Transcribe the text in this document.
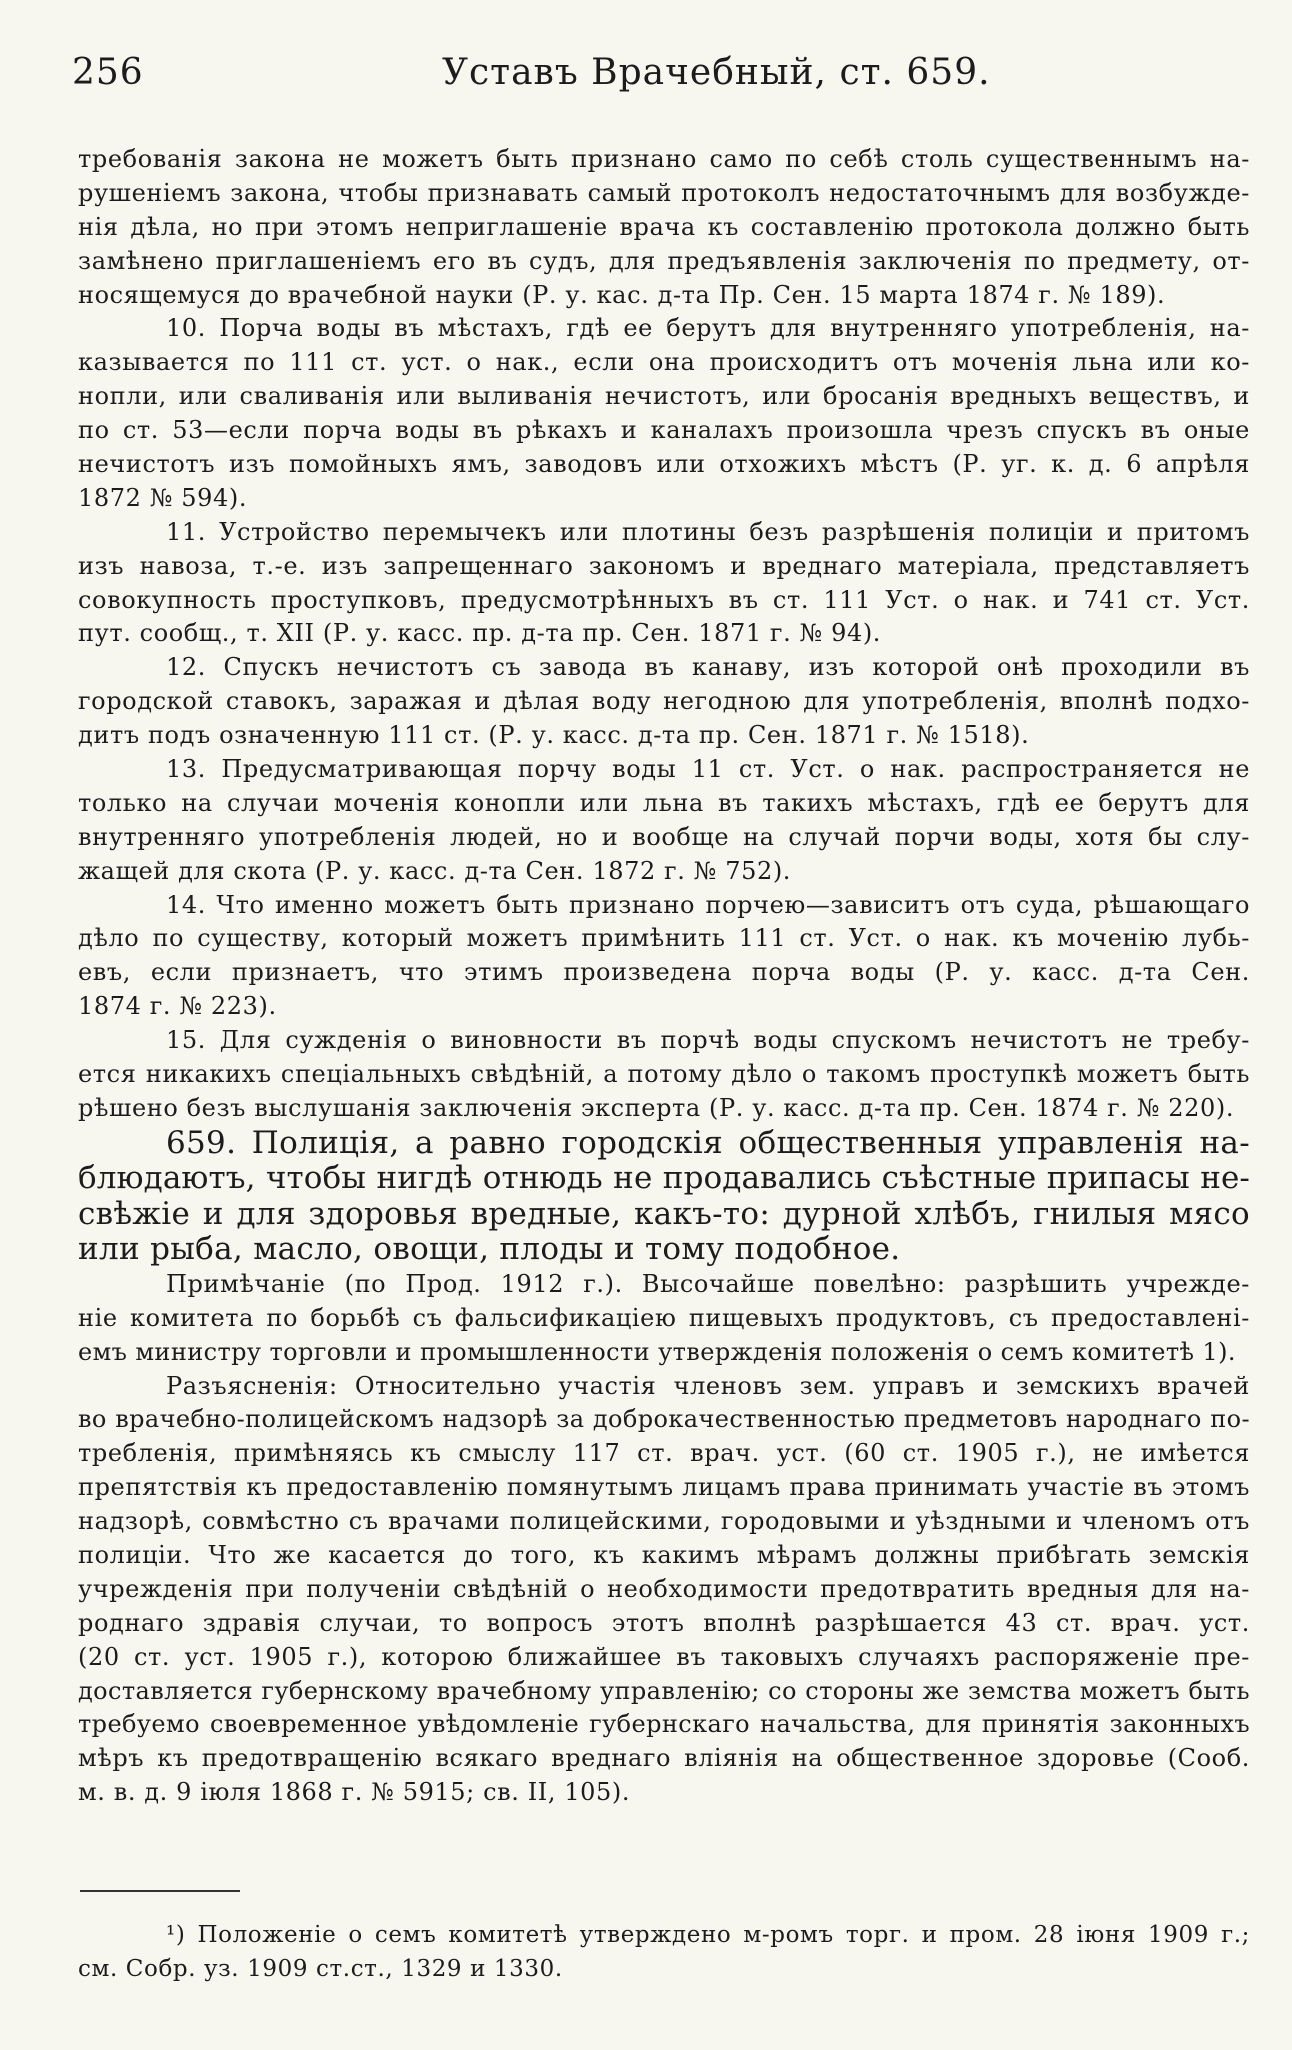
256	Уставъ Врачебный, ст. 659.
требованія закона не можетъ быть признано само по себѣ столь существеннымъ на-
рушеніемъ закона, чтобы признавать самый протоколъ недостаточнымъ для возбужде-
нія дѣла, но при этомъ неприглашеніе врача къ составленію протокола должно быть
замѣнено приглашеніемъ его въ судъ, для предъявленія заключенія по предмету, от-
носящемуся до врачебной науки (Р. у. кас. д-та Пр. Сен. 15 марта 1874 г. № 189).
10. Порча воды въ мѣстахъ, гдѣ ее берутъ для внутренняго употребленія, на-
казывается по 111 ст. уст. о нак., если она происходитъ отъ моченія льна или ко-
нопли, или сваливанія или выливанія нечистотъ, или бросанія вредныхъ веществъ, и
по ст. 53—если порча воды въ рѣкахъ и каналахъ произошла чрезъ спускъ въ оные
нечистотъ изъ помойныхъ ямъ, заводовъ или отхожихъ мѣстъ (Р. уг. к. д. 6 апрѣля
1872 № 594).
11. Устройство перемычекъ или плотины безъ разрѣшенія полиціи и притомъ
изъ навоза, т.-е. изъ запрещеннаго закономъ и вреднаго матеріала, представляетъ
совокупность проступковъ, предусмотрѣнныхъ въ ст. 111 Уст. о нак. и 741 ст. Уст.
пут. сообщ., т. XII (Р. у. касс. пр. д-та пр. Сен. 1871 г. № 94).
12. Спускъ нечистотъ съ завода въ канаву, изъ которой онѣ проходили въ
городской ставокъ, заражая и дѣлая воду негодною для употребленія, вполнѣ подхо-
дитъ подъ означенную 111 ст. (Р. у. касс. д-та пр. Сен. 1871 г. № 1518).
13. Предусматривающая порчу воды 11 ст. Уст. о нак. распространяется не
только на случаи моченія конопли или льна въ такихъ мѣстахъ, гдѣ ее берутъ для
внутренняго употребленія людей, но и вообще на случай порчи воды, хотя бы слу-
жащей для скота (Р. у. касс. д-та Сен. 1872 г. № 752).
14. Что именно можетъ быть признано порчею—зависитъ отъ суда, рѣшающаго
дѣло по существу, который можетъ примѣнить 111 ст. Уст. о нак. къ моченію лубь-
евъ, если признаетъ, что этимъ произведена порча воды (Р. у. касс. д-та Сен.
1874 г. № 223).
15. Для сужденія о виновности въ порчѣ воды спускомъ нечистотъ не требу-
ется никакихъ спеціальныхъ свѣдѣній, а потому дѣло о такомъ проступкѣ можетъ быть
рѣшено безъ выслушанія заключенія эксперта (Р. у. касс. д-та пр. Сен. 1874 г. № 220).
659. Полиція, а равно городскія общественныя управленія на-
блюдаютъ, чтобы нигдѣ отнюдь не продавались съѣстные припасы не-
свѣжіе и для здоровья вредные, какъ-то: дурной хлѣбъ, гнилыя мясо
или рыба, масло, овощи, плоды и тому подобное.
Примѣчаніе (по Прод. 1912 г.). Высочайше повелѣно: разрѣшить учрежде-
ніе комитета по борьбѣ съ фальсификаціею пищевыхъ продуктовъ, съ предоставлені-
емъ министру торговли и промышленности утвержденія положенія о семъ комитетѣ 1).
Разъясненія: Относительно участія членовъ зем. управъ и земскихъ врачей
во врачебно-полицейскомъ надзорѣ за доброкачественностью предметовъ народнаго по-
требленія, примѣняясь къ смыслу 117 ст. врач. уст. (60 ст. 1905 г.), не имѣется
препятствія къ предоставленію помянутымъ лицамъ права принимать участіе въ этомъ
надзорѣ, совмѣстно съ врачами полицейскими, городовыми и уѣздными и членомъ отъ
полиціи. Что же касается до того, къ какимъ мѣрамъ должны прибѣгать земскія
учрежденія при полученіи свѣдѣній о необходимости предотвратить вредныя для на-
роднаго здравія случаи, то вопросъ этотъ вполнѣ разрѣшается 43 ст. врач. уст.
(20 ст. уст. 1905 г.), которою ближайшее въ таковыхъ случаяхъ распоряженіе пре-
доставляется губернскому врачебному управленію; со стороны же земства можетъ быть
требуемо своевременное увѣдомленіе губернскаго начальства, для принятія законныхъ
мѣръ къ предотвращенію всякаго вреднаго вліянія на общественное здоровье (Сооб.
м. в. д. 9 іюля 1868 г. № 5915; св. II, 105).
¹) Положеніе о семъ комитетѣ утверждено м-ромъ торг. и пром. 28 іюня 1909 г.;
см. Собр. уз. 1909 ст.ст., 1329 и 1330.
